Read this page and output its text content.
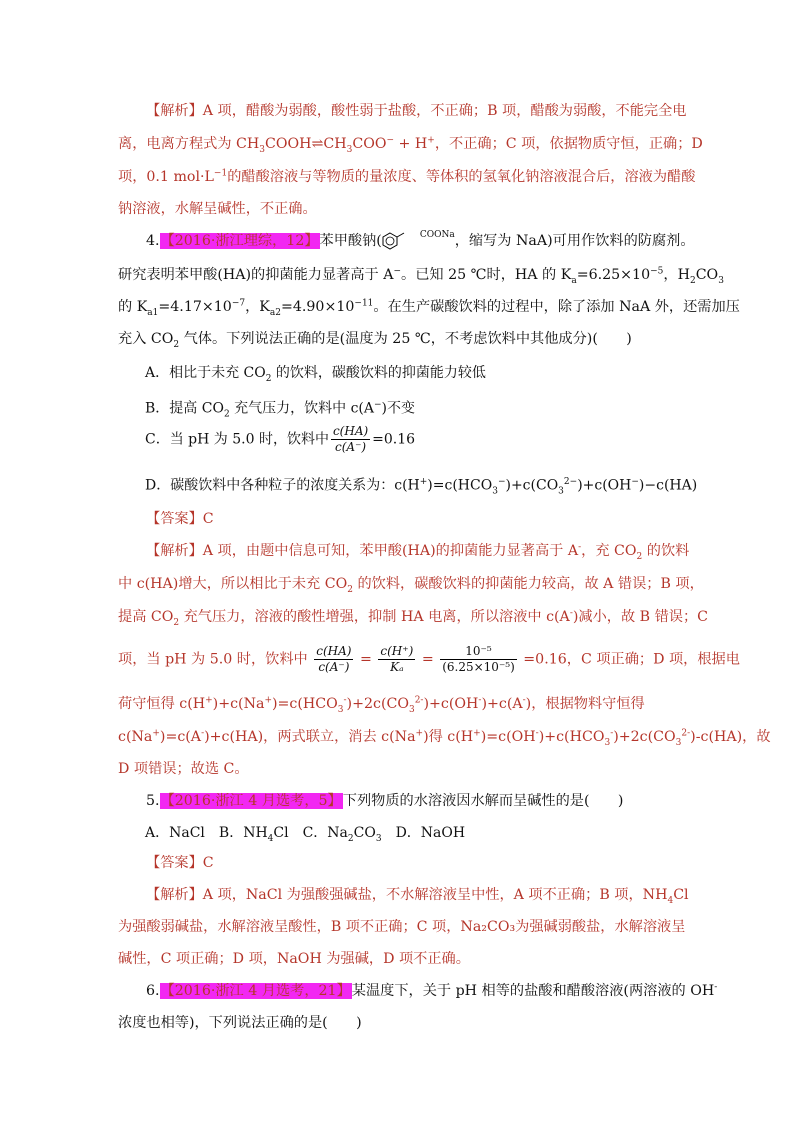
【解析】A 项，醋酸为弱酸，酸性弱于盐酸，不正确；B 项，醋酸为弱酸，不能完全电
离，电离方程式为 $CH_3COOH\rightleftharpoons CH_3COO^- + H^+$，不正确；C 项，依据物质守恒，正确；D
项，0.1 $mol\cdot L^{-1}$的醋酸溶液与等物质的量浓度、等体积的氢氧化钠溶液混合后，溶液为醋酸
钠溶液，水解呈碱性，不正确。
4.【2016·浙江理综，12】苯甲酸钠(	$^{COONa}$，缩写为 NaA)可用作饮料的防腐剂。
研究表明苯甲酸(HA)的抑菌能力显著高于 A−。已知 25 ℃时，HA 的 $K_a=6.25\times 10^{-5}$，$H_2CO_3$
的 $K_{a1}=4.17\times 10^{-7}$，$K_{a2}=4.90\times 10^{-11}$。在生产碳酸饮料的过程中，除了添加 NaA 外，还需加压
充入 $CO_2$ 气体。下列说法正确的是(温度为 25 ℃，不考虑饮料中其他成分)(　　)
A．相比于未充 $CO_2$ 的饮料，碳酸饮料的抑菌能力较低
B．提高 $CO_2$ 充气压力，饮料中 c(A−)不变
C．当 pH 为 5.0 时，饮料中 $\frac{c(HA)}{c(A^-)} =0.16$
D．碳酸饮料中各种粒子的浓度关系为：$c(H^+)=c(HCO_3^-)+c(CO_3^{2-})+c(OH^-)-c(HA)$
【答案】C
【解析】A 项，由题中信息可知，苯甲酸(HA)的抑菌能力显著高于 A-，充 $CO_2$ 的饮料
中 c(HA)增大，所以相比于未充 $CO_2$ 的饮料，碳酸饮料的抑菌能力较高，故 A 错误；B 项，
提高 $CO_2$ 充气压力，溶液的酸性增强，抑制 HA 电离，所以溶液中 c(A-)减小，故 B 错误；C
项，当 pH 为 5.0 时，饮料中 $\frac{c(HA)}{c(A^-)} = \frac{c(H^+)}{\text{Kₐ}} = \frac{\text{10⁻⁵}}{\text{(6.25×10⁻⁵)}} =0.16$，C 项正确；D 项，根据电
荷守恒得 $c(H^+)+c(Na^+)=c(HCO_3^-)+2c(CO_3^{2-})+c(OH^-)+c(A^-)$，根据物料守恒得
c(Na+)=c(A-)+c(HA)，两式联立，消去 c(Na+)得 $c(H^+)=c(OH^-)+c(HCO_3^-)+2c(CO_3^{2-})-c(HA)$，故
D 项错误；故选 C。
5.【2016·浙江 4 月选考，5】下列物质的水溶液因水解而呈碱性的是(　　)
A．NaCl　 B．$NH_4Cl$　 C．$Na_2CO_3$　 D．NaOH
【答案】C
【解析】A 项，NaCl 为强酸强碱盐，不水解溶液呈中性，A 项不正确；B 项，$NH_4Cl$
为强酸弱碱盐，水解溶液呈酸性，B 项不正确；C 项，Na₂CO₃为强碱弱酸盐，水解溶液呈
碱性，C 项正确；D 项，NaOH 为强碱，D 项不正确。
6.【2016·浙江 4 月选考，21】某温度下，关于 pH 相等的盐酸和醋酸溶液(两溶液的 OH-
浓度也相等)，下列说法正确的是(　　)
